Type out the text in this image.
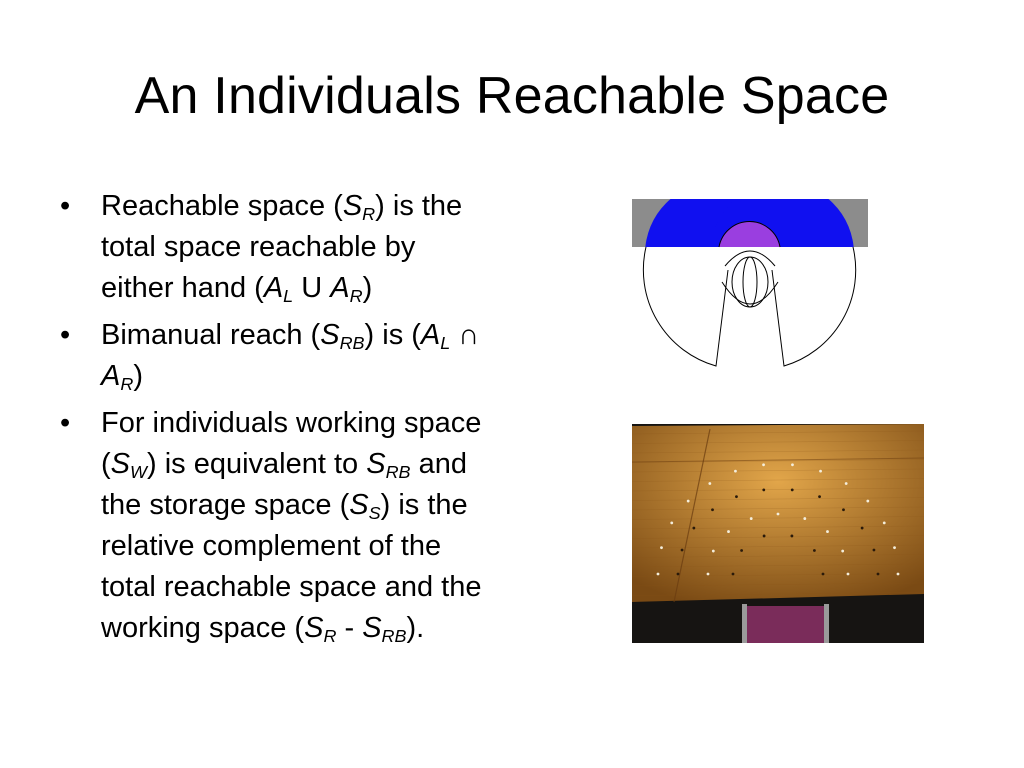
An Individuals Reachable Space
• Reachable space $(S_R)$ is the total space reachable by either hand ($A_L$ U $A_R$)
• Bimanual reach $(S_{RB})$ is ($A_L$ ∩ $A_R$)
• For individuals working space $(S_W)$ is equivalent to $S_{RB}$ and the storage space $(S_S)$ is the relative complement of the total reachable space and the working space $(S_R - S_{RB})$.
